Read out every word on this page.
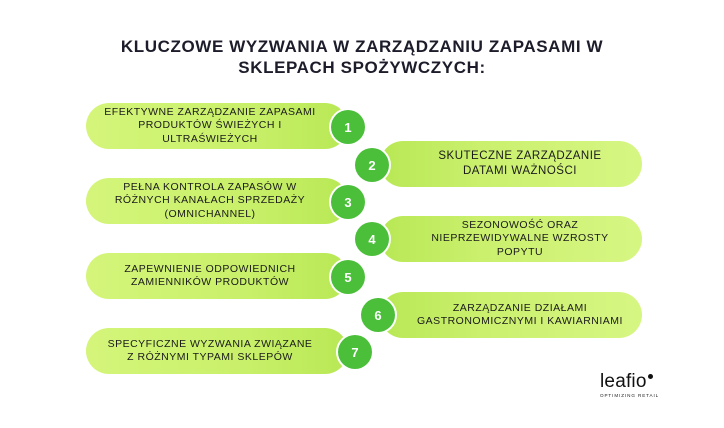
KLUCZOWE WYZWANIA W ZARZĄDZANIU ZAPASAMI W
SKLEPACH SPOŻYWCZYCH:
EFEKTYWNE ZARZĄDZANIE ZAPASAMI
PRODUKTÓW ŚWIEŻYCH I
ULTRAŚWIEŻYCH
1
SKUTECZNE ZARZĄDZANIE
DATAMI WAŻNOŚCI
2
PEŁNA KONTROLA ZAPASÓW W
RÓŻNYCH KANAŁACH SPRZEDAŻY
(OMNICHANNEL)
3
SEZONOWOŚĆ ORAZ
NIEPRZEWIDYWALNE WZROSTY
POPYTU
4
ZAPEWNIENIE ODPOWIEDNICH
ZAMIENNIKÓW PRODUKTÓW	5
ZARZĄDZANIE DZIAŁAMI
GASTRONOMICZNYMI I KAWIARNIAMI
6
SPECYFICZNE WYZWANIA ZWIĄZANE
Z RÓŻNYMI TYPAMI SKLEPÓW	7
leafio
OPTIMIZING RETAIL
